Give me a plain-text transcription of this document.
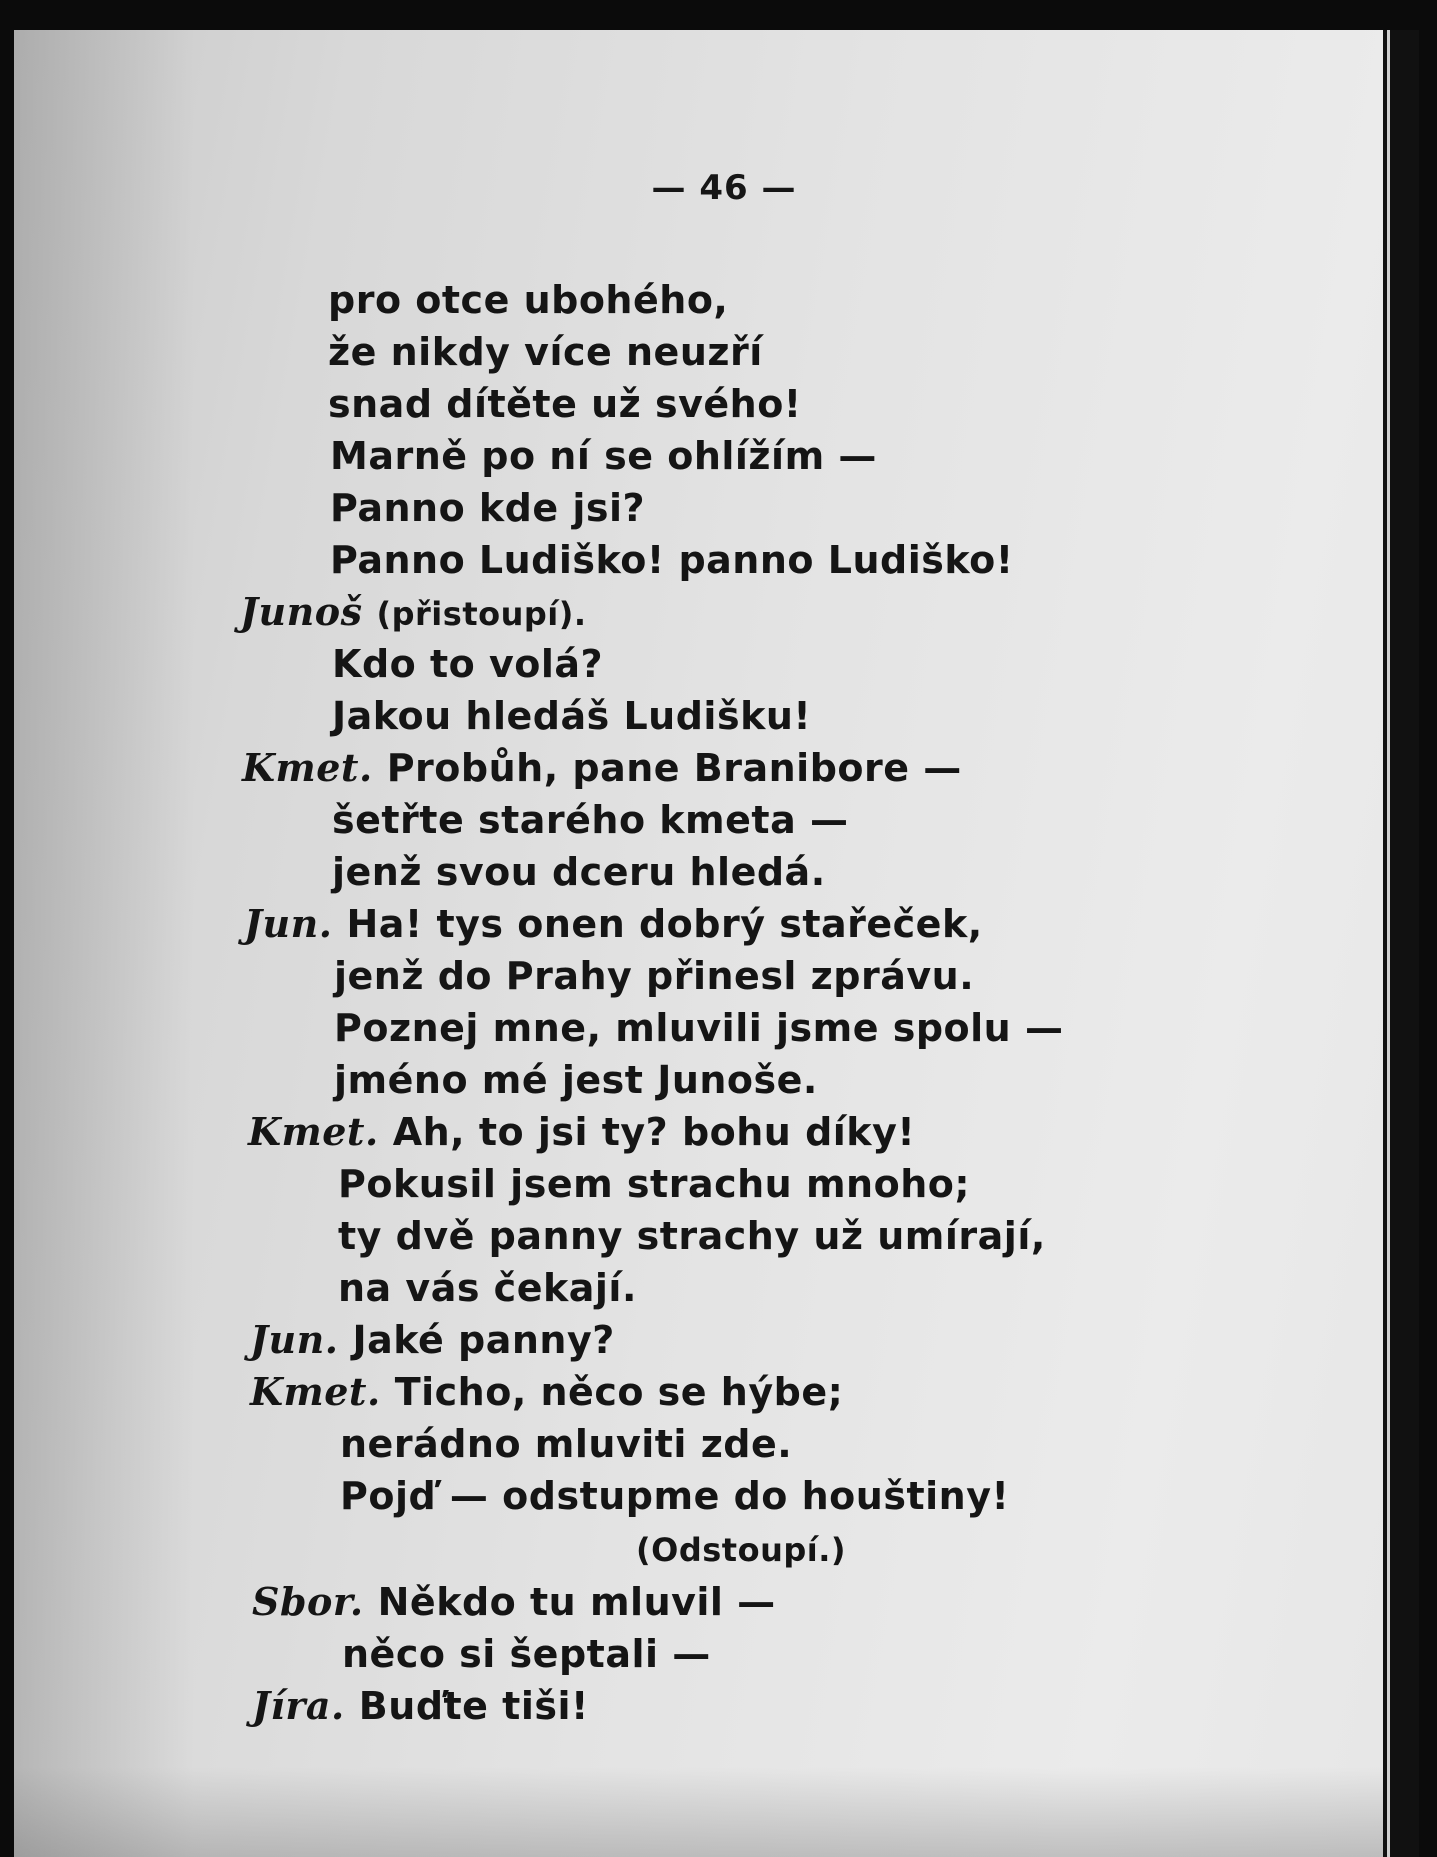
— 46 —
pro otce ubohého,
že nikdy více neuzří
snad dítěte už svého!
Marně po ní se ohlížím —
Panno kde jsi?
Panno Ludiško! panno Ludiško!
Junoš (přistoupí).
Kdo to volá?
Jakou hledáš Ludišku!
Kmet. Probůh, pane Branibore —
šetřte starého kmeta —
jenž svou dceru hledá.
Jun. Ha! tys onen dobrý stařeček,
jenž do Prahy přinesl zprávu.
Poznej mne, mluvili jsme spolu —
jméno mé jest Junoše.
Kmet. Ah, to jsi ty? bohu díky!
Pokusil jsem strachu mnoho;
ty dvě panny strachy už umírají,
na vás čekají.
Jun. Jaké panny?
Kmet. Ticho, něco se hýbe;
nerádno mluviti zde.
Pojď — odstupme do houštiny!
(Odstoupí.)
Sbor. Někdo tu mluvil —
něco si šeptali —
Jíra. Buďte tiši!
